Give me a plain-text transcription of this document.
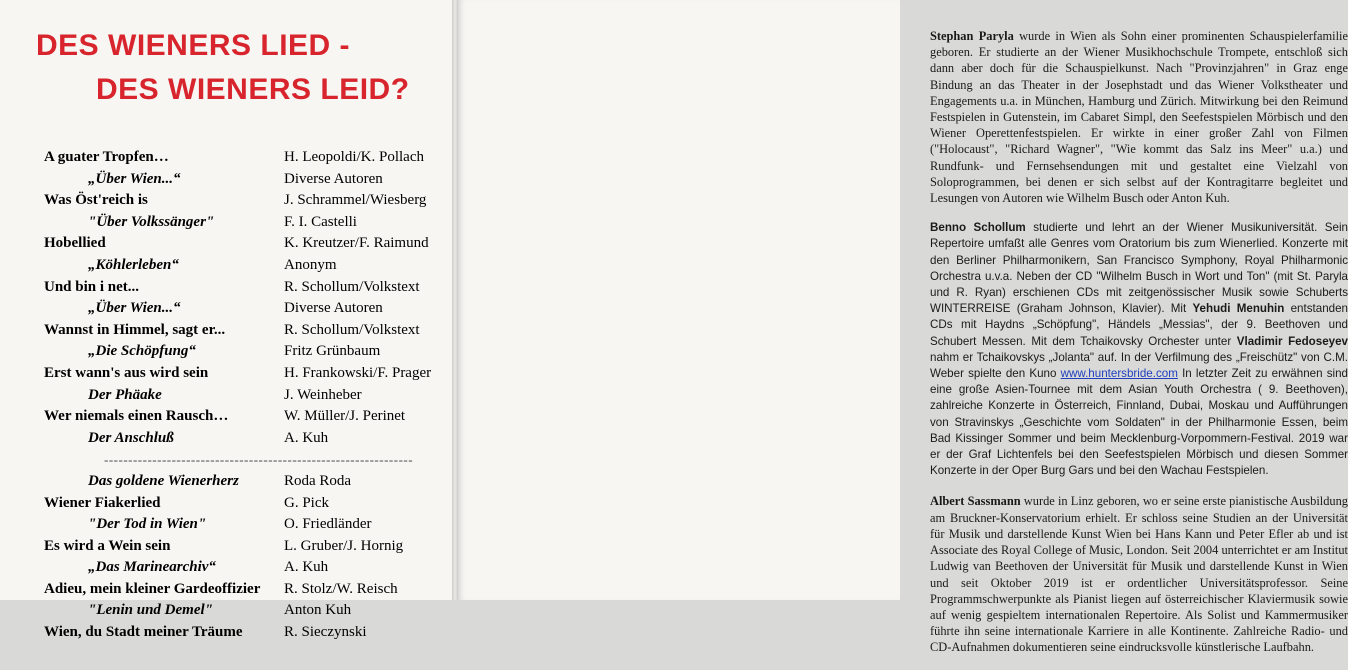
DES WIENERS LIED -
DES WIENERS LEID?
A guater Tropfen…	H. Leopoldi/K. Pollach
„Über Wien...“	Diverse Autoren
Was Öst'reich is	J. Schrammel/Wiesberg
"Über Volkssänger"	F. I. Castelli
Hobellied	K. Kreutzer/F. Raimund
„Köhlerleben“	Anonym
Und bin i net...	R. Schollum/Volkstext
„Über Wien...“	Diverse Autoren
Wannst in Himmel, sagt er...	R. Schollum/Volkstext
„Die Schöpfung“	Fritz Grünbaum
Erst wann's aus wird sein	H. Frankowski/F. Prager
Der Phäake	J. Weinheber
Wer niemals einen Rausch…	W. Müller/J. Perinet
Der Anschluß	A. Kuh
----------------------------------------------------------------
Das goldene Wienerherz	Roda Roda
Wiener Fiakerlied	G. Pick
"Der Tod in Wien"	O. Friedländer
Es wird a Wein sein	L. Gruber/J. Hornig
„Das Marinearchiv“	A. Kuh
Adieu, mein kleiner Gardeoffizier R. Stolz/W. Reisch
"Lenin und Demel"	Anton Kuh
Wien, du Stadt meiner Träume	R. Sieczynski

Stephan Paryla wurde in Wien als Sohn einer prominenten Schauspielerfamilie geboren. Er studierte an der Wiener Musikhochschule Trompete, entschloß sich dann aber doch für die Schauspielkunst. Nach "Provinzjahren" in Graz enge Bindung an das Theater in der Josephstadt und das Wiener Volkstheater und Engagements u.a. in München, Hamburg und Zürich. Mitwirkung bei den Reimund Festspielen in Gutenstein, im Cabaret Simpl, den Seefestspielen Mörbisch und den Wiener Operettenfestspielen. Er wirkte in einer großer Zahl von Filmen ("Holocaust", "Richard Wagner", "Wie kommt das Salz ins Meer" u.a.) und Rundfunk- und Fernsehsendungen mit und gestaltet eine Vielzahl von Soloprogrammen, bei denen er sich selbst auf der Kontragitarre begleitet und Lesungen von Autoren wie Wilhelm Busch oder Anton Kuh.

Benno Schollum studierte und lehrt an der Wiener Musikuniversität. Sein Repertoire umfaßt alle Genres vom Oratorium bis zum Wienerlied. Konzerte mit den Berliner Philharmonikern, San Francisco Symphony, Royal Philharmonic Orchestra u.v.a. Neben der CD "Wilhelm Busch in Wort und Ton" (mit St. Paryla und R. Ryan) erschienen CDs mit zeitgenössischer Musik sowie Schuberts WINTERREISE (Graham Johnson, Klavier). Mit Yehudi Menuhin entstanden CDs mit Haydns „Schöpfung", Händels „Messias", der 9. Beethoven und Schubert Messen. Mit dem Tchaikovsky Orchester unter Vladimir Fedoseyev nahm er Tchaikovskys „Jolanta" auf. In der Verfilmung des „Freischütz" von C.M. Weber spielte den Kuno www.huntersbride.com In letzter Zeit zu erwähnen sind eine große Asien-Tournee mit dem Asian Youth Orchestra ( 9. Beethoven), zahlreiche Konzerte in Österreich, Finnland, Dubai, Moskau und Aufführungen von Stravinskys „Geschichte vom Soldaten" in der Philharmonie Essen, beim Bad Kissinger Sommer und beim Mecklenburg-Vorpommern-Festival. 2019 war er der Graf Lichtenfels bei den Seefestspielen Mörbisch und diesen Sommer Konzerte in der Oper Burg Gars und bei den Wachau Festspielen.

Albert Sassmann wurde in Linz geboren, wo er seine erste pianistische Ausbildung am Bruckner-Konservatorium erhielt. Er schloss seine Studien an der Universität für Musik und darstellende Kunst Wien bei Hans Kann und Peter Efler ab und ist Associate des Royal College of Music, London. Seit 2004 unterrichtet er am Institut Ludwig van Beethoven der Universität für Musik und darstellende Kunst in Wien und seit Oktober 2019 ist er ordentlicher Universitätsprofessor. Seine Programmschwerpunkte als Pianist liegen auf österreichischer Klaviermusik sowie auf wenig gespieltem internationalen Repertoire. Als Solist und Kammermusiker führte ihn seine internationale Karriere in alle Kontinente. Zahlreiche Radio- und CD-Aufnahmen dokumentieren seine eindrucksvolle künstlerische Laufbahn.
